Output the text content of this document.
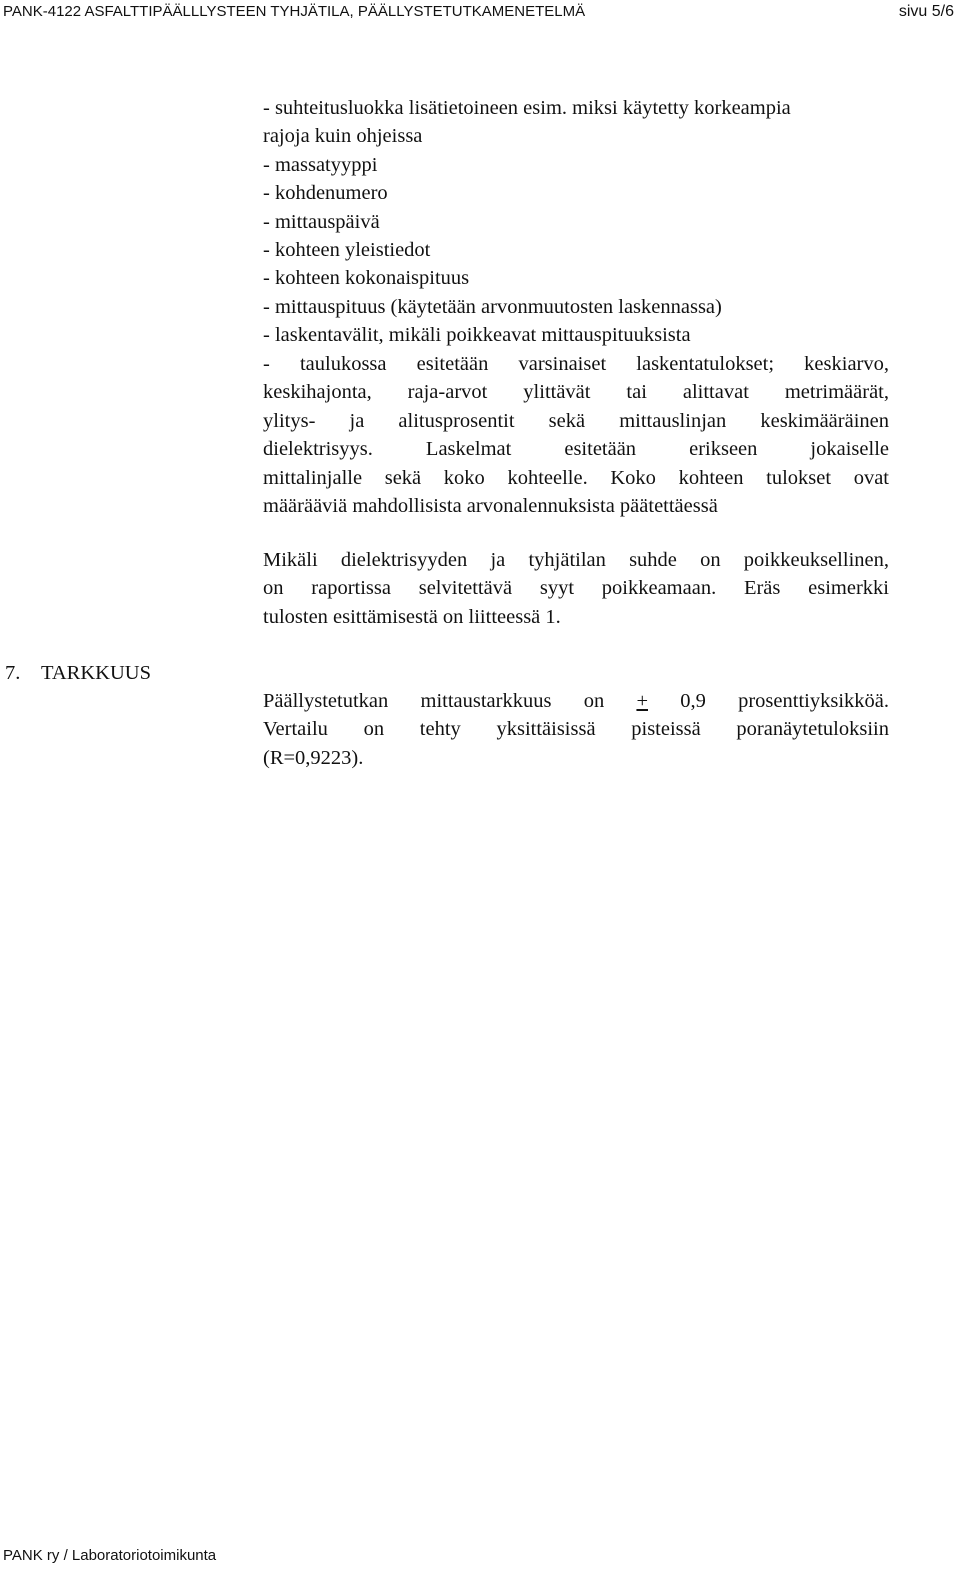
PANK-4122 ASFALTTIPÄÄLLLYSTEEN TYHJÄTILA, PÄÄLLYSTETUTKAMENETELMÄ	sivu 5/6
- suhteitusluokka lisätietoineen esim. miksi käytetty korkeampia
rajoja kuin ohjeissa
- massatyyppi
- kohdenumero
- mittauspäivä
- kohteen yleistiedot
- kohteen kokonaispituus
- mittauspituus (käytetään arvonmuutosten laskennassa)
- laskentavälit, mikäli poikkeavat mittauspituuksista
- taulukossa esitetään varsinaiset laskentatulokset; keskiarvo,
keskihajonta, raja-arvot ylittävät tai alittavat metrimäärät,
ylitys- ja alitusprosentit sekä mittauslinjan keskimääräinen
dielektrisyys. Laskelmat esitetään erikseen jokaiselle
mittalinjalle sekä koko kohteelle. Koko kohteen tulokset ovat
määrääviä mahdollisista arvonalennuksista päätettäessä
Mikäli dielektrisyyden ja tyhjätilan suhde on poikkeuksellinen,
on raportissa selvitettävä syyt poikkeamaan. Eräs esimerkki
tulosten esittämisestä on liitteessä 1.
7. TARKKUUS
Päällystetutkan mittaustarkkuus on + 0,9 prosenttiyksikköä.
Vertailu on tehty yksittäisissä pisteissä poranäytetuloksiin
(R=0,9223).
PANK ry / Laboratoriotoimikunta
